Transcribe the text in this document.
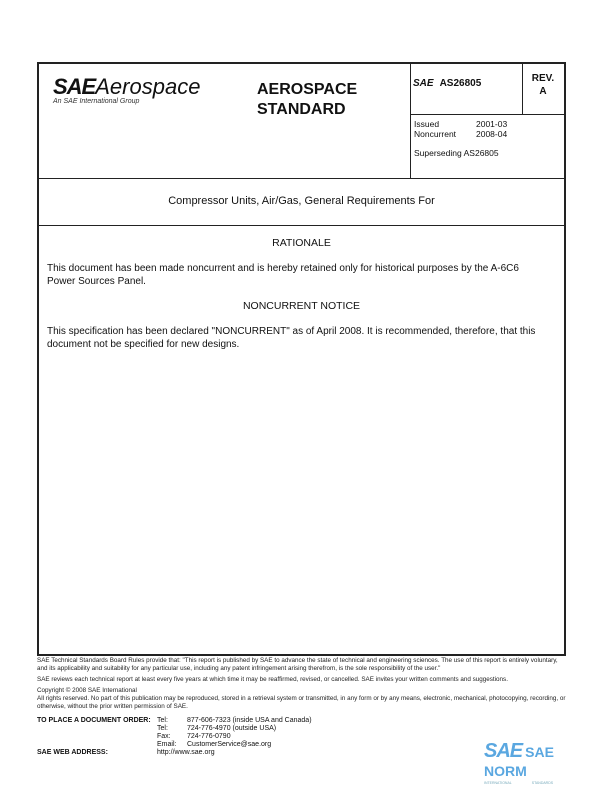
SAEAerospace
An SAE International Group
AEROSPACE
STANDARD
SAE AS26805	REV.
A
Issued	2001-03
Noncurrent 2008-04
Superseding AS26805
Compressor Units, Air/Gas, General Requirements For
RATIONALE
This document has been made noncurrent and is hereby retained only for historical purposes by the A-6C6 Power Sources Panel.
NONCURRENT NOTICE
This specification has been declared "NONCURRENT" as of April 2008. It is recommended, therefore, that this document not be specified for new designs.

SAE Technical Standards Board Rules provide that: "This report is published by SAE to advance the state of technical and engineering sciences. The use of this report is entirely voluntary, and its applicability and suitability for any particular use, including any patent infringement arising therefrom, is the sole responsibility of the user."

SAE reviews each technical report at least every five years at which time it may be reaffirmed, revised, or cancelled. SAE invites your written comments and suggestions.

Copyright © 2008 SAE International
All rights reserved. No part of this publication may be reproduced, stored in a retrieval system or transmitted, in any form or by any means, electronic, mechanical, photocopying, recording, or otherwise, without the prior written permission of SAE.
TO PLACE A DOCUMENT ORDER: Tel:	877-606-7323 (inside USA and Canada)
Tel:	724-776-4970 (outside USA)
Fax: 724-776-0790
Email: CustomerService@sae.org
SAE WEB ADDRESS:	http://www.sae.org	SAE SAE NORM
INTERNATIONAL	STANDARDS
